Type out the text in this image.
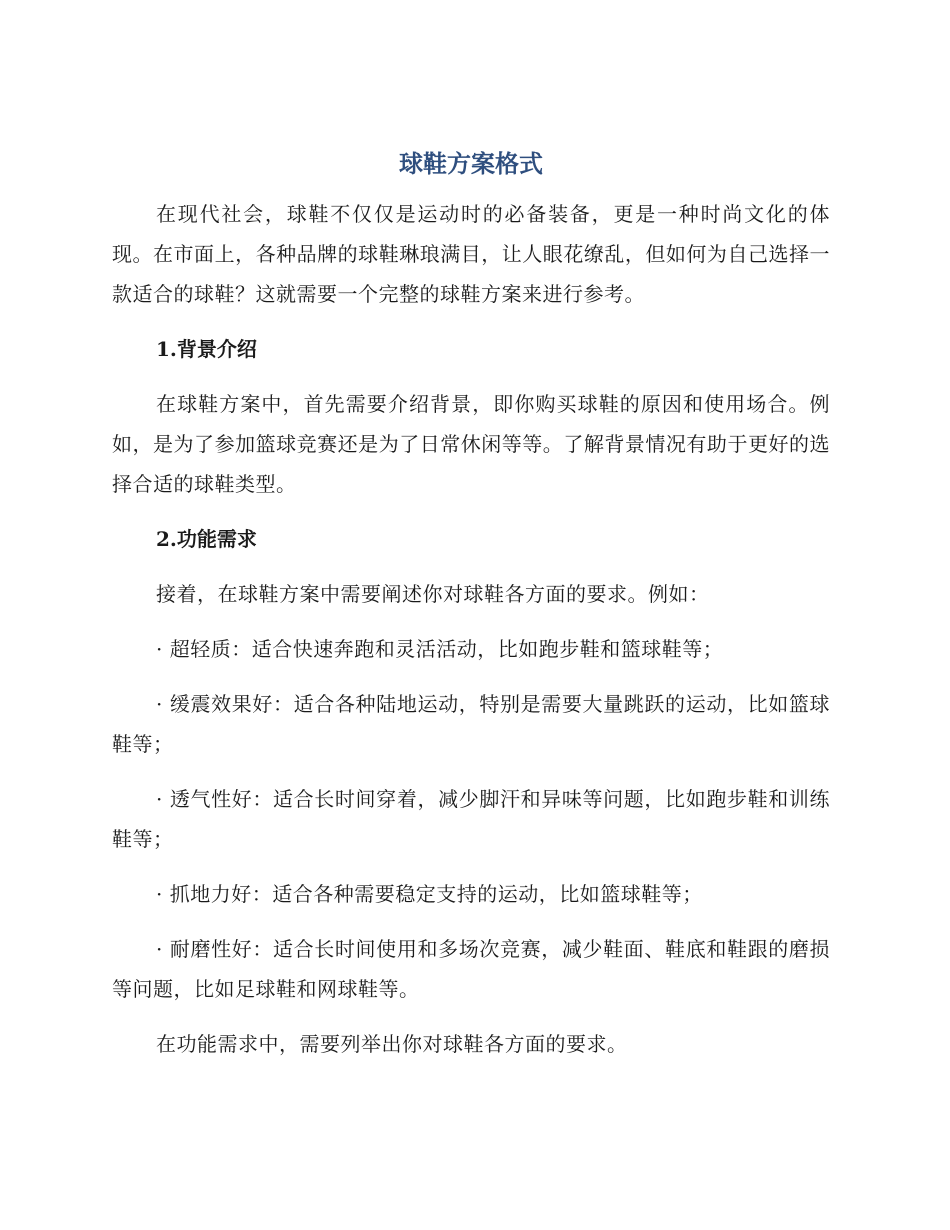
球鞋方案格式

在现代社会，球鞋不仅仅是运动时的必备装备，更是一种时尚文化的体现。在市面上，各种品牌的球鞋琳琅满目，让人眼花缭乱，但如何为自己选择一款适合的球鞋？这就需要一个完整的球鞋方案来进行参考。

1.背景介绍

在球鞋方案中，首先需要介绍背景，即你购买球鞋的原因和使用场合。例如，是为了参加篮球竞赛还是为了日常休闲等等。了解背景情况有助于更好的选择合适的球鞋类型。

2.功能需求

接着，在球鞋方案中需要阐述你对球鞋各方面的要求。例如：

· 超轻质：适合快速奔跑和灵活活动，比如跑步鞋和篮球鞋等；

· 缓震效果好：适合各种陆地运动，特别是需要大量跳跃的运动，比如篮球鞋等；

· 透气性好：适合长时间穿着，减少脚汗和异味等问题，比如跑步鞋和训练鞋等；

· 抓地力好：适合各种需要稳定支持的运动，比如篮球鞋等；

· 耐磨性好：适合长时间使用和多场次竞赛，减少鞋面、鞋底和鞋跟的磨损等问题，比如足球鞋和网球鞋等。

在功能需求中，需要列举出你对球鞋各方面的要求。
